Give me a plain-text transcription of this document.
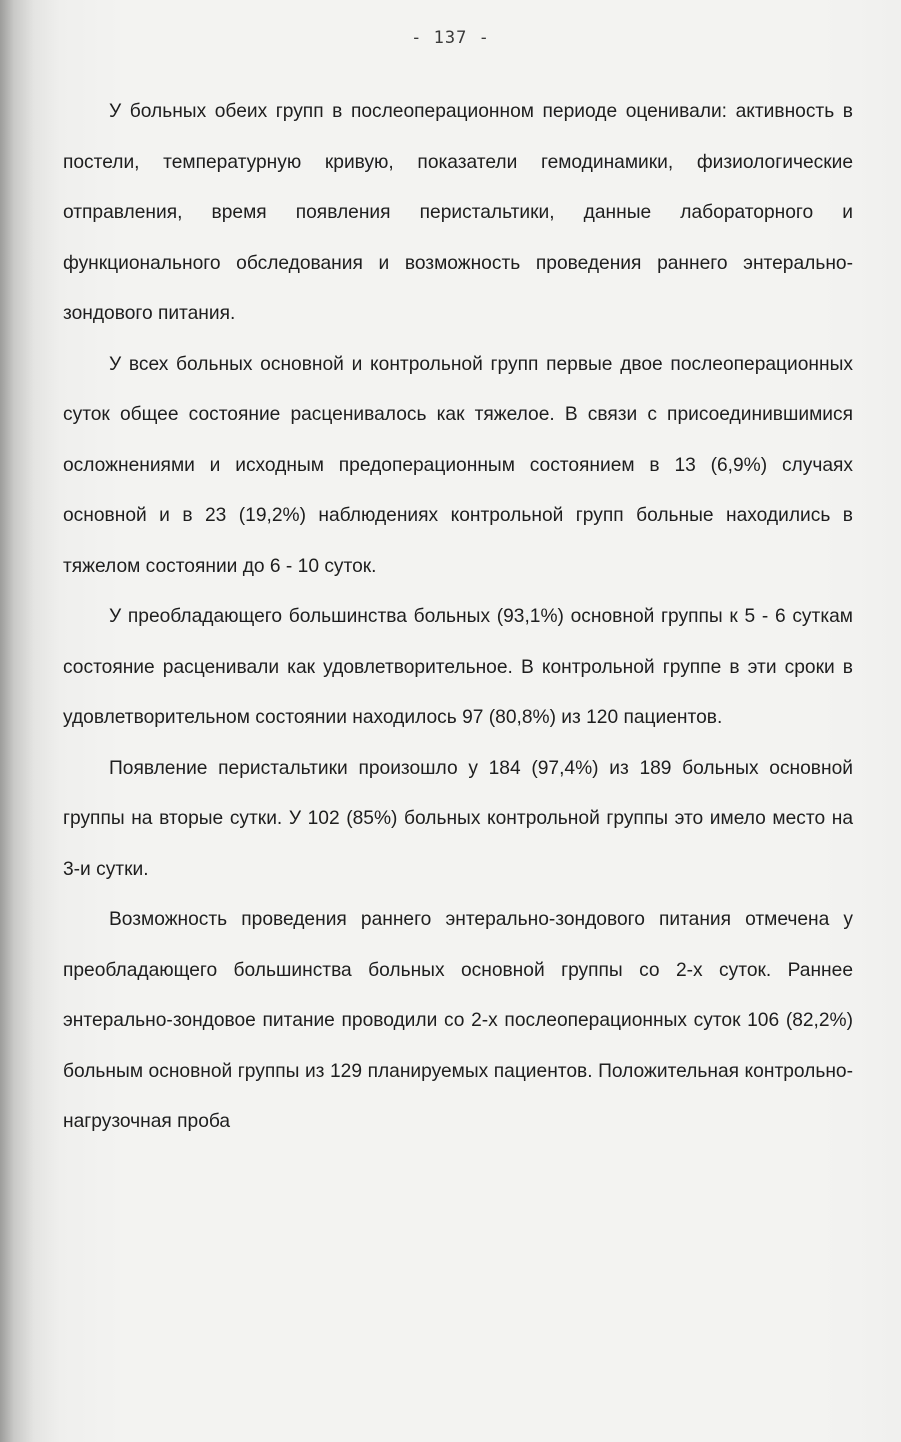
- 137 -

У больных обеих групп в послеоперационном периоде оценивали: активность в постели, температурную кривую, показатели гемодинамики, физиологические отправления, время появления перистальтики, данные лабораторного и функционального обследования и возможность проведения раннего энтерально-зондового питания.

У всех больных основной и контрольной групп первые двое послеоперационных суток общее состояние расценивалось как тяжелое. В связи с присоединившимися осложнениями и исходным предоперационным состоянием в 13 (6,9%) случаях основной и в 23 (19,2%) наблюдениях контрольной групп больные находились в тяжелом состоянии до 6 - 10 суток.

У преобладающего большинства больных (93,1%) основной группы к 5 - 6 суткам состояние расценивали как удовлетворительное. В контрольной группе в эти сроки в удовлетворительном состоянии находилось 97 (80,8%) из 120 пациентов.

Появление перистальтики произошло у 184 (97,4%) из 189 больных основной группы на вторые сутки. У 102 (85%) больных контрольной группы это имело место на 3-и сутки.

Возможность проведения раннего энтерально-зондового питания отмечена у преобладающего большинства больных основной группы со 2-х суток. Раннее энтерально-зондовое питание проводили со 2-х послеоперационных суток 106 (82,2%) больным основной группы из 129 планируемых пациентов. Положительная контрольно-нагрузочная проба
